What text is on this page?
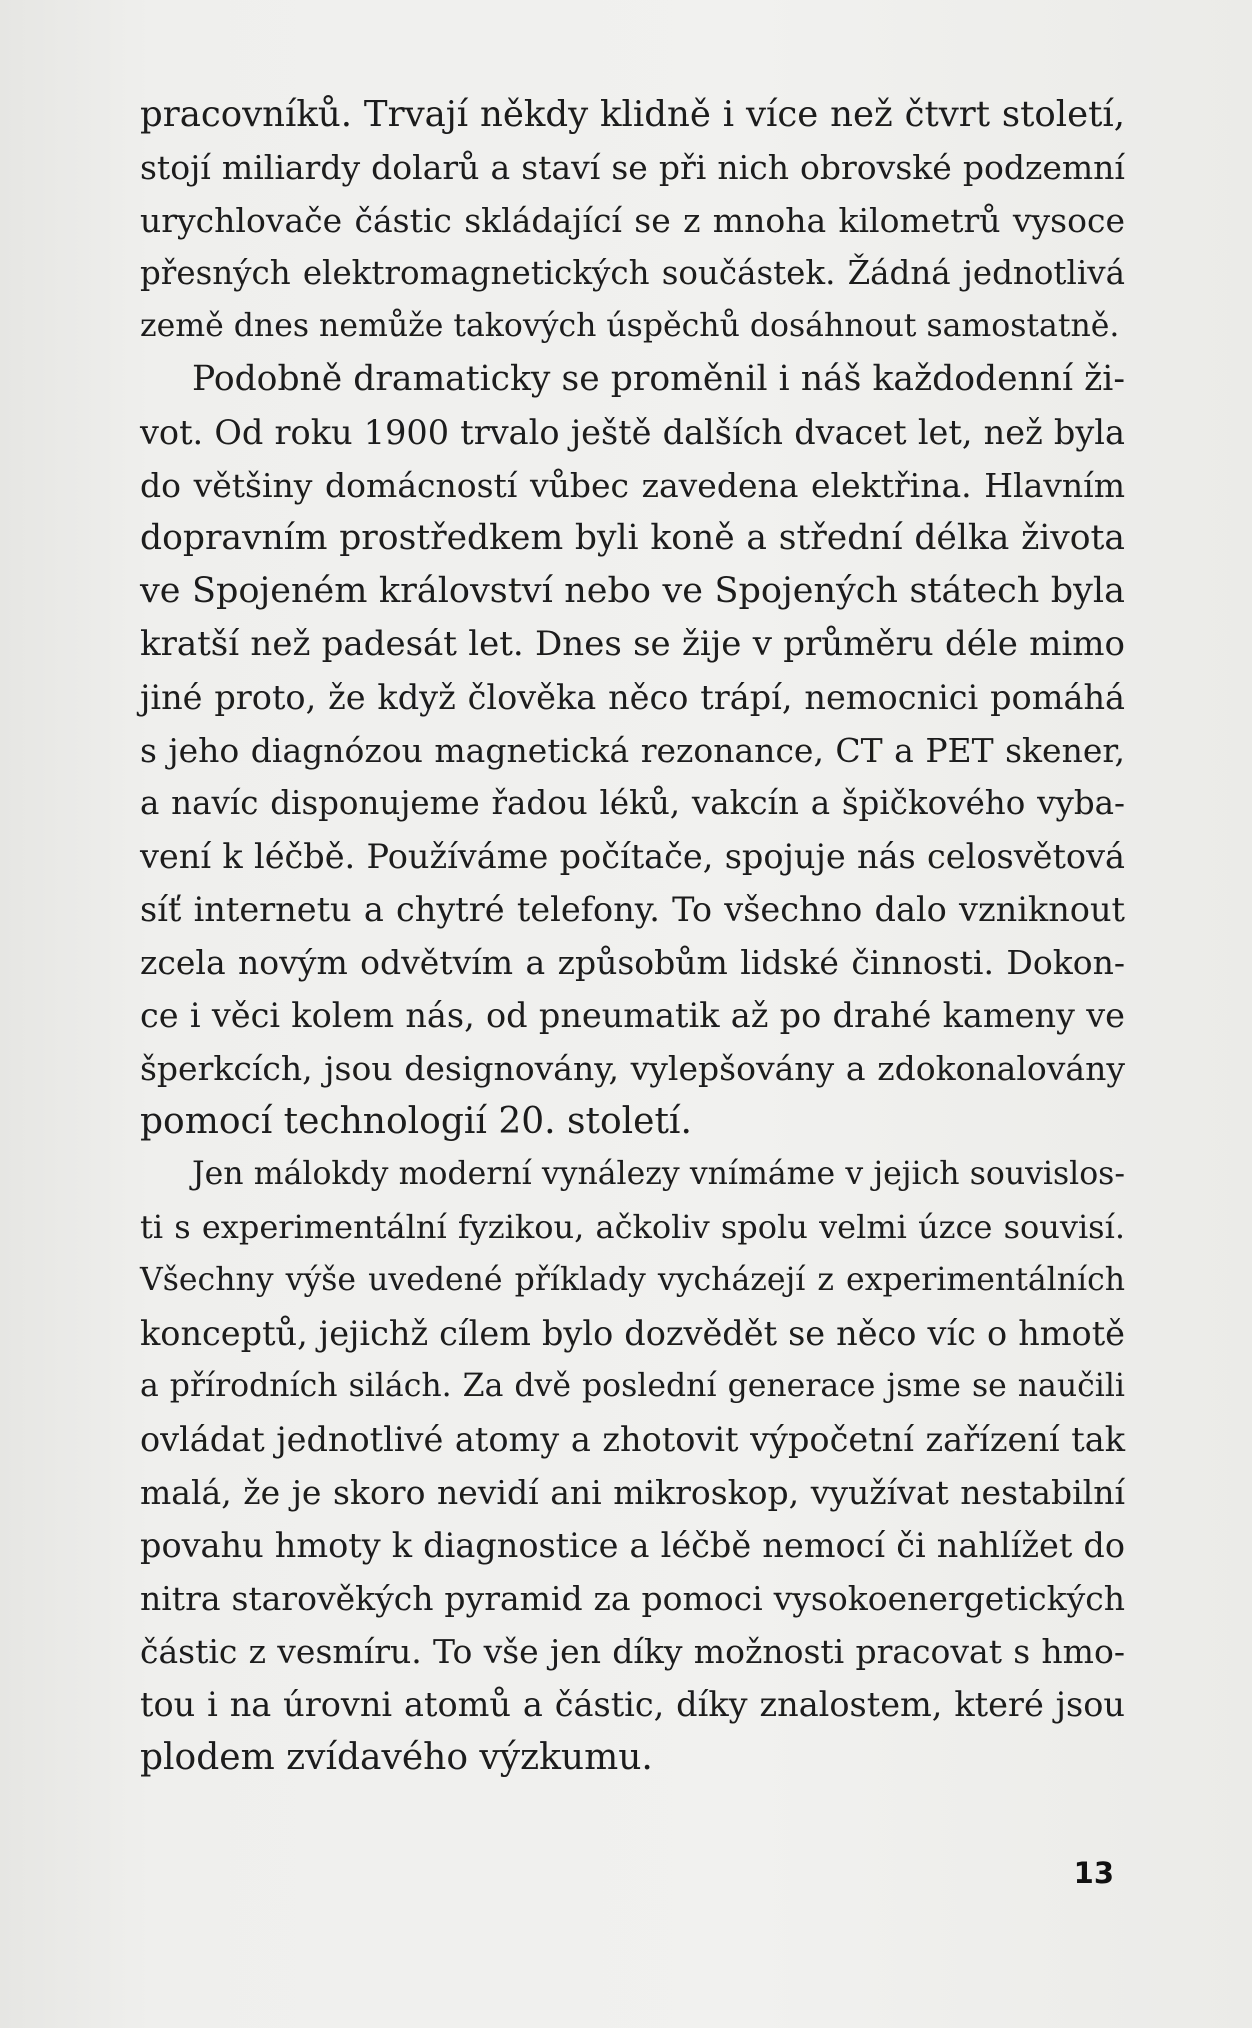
pracovníků. Trvají někdy klidně i více než čtvrt století,
stojí miliardy dolarů a staví se při nich obrovské podzemní
urychlovače částic skládající se z mnoha kilometrů vysoce
přesných elektromagnetických součástek. Žádná jednotlivá
země dnes nemůže takových úspěchů dosáhnout samostatně.
Podobně dramaticky se proměnil i náš každodenní ži-
vot. Od roku 1900 trvalo ještě dalších dvacet let, než byla
do většiny domácností vůbec zavedena elektřina. Hlavním
dopravním prostředkem byli koně a střední délka života
ve Spojeném království nebo ve Spojených státech byla
kratší než padesát let. Dnes se žije v průměru déle mimo
jiné proto, že když člověka něco trápí, nemocnici pomáhá
s jeho diagnózou magnetická rezonance, CT a PET skener,
a navíc disponujeme řadou léků, vakcín a špičkového vyba-
vení k léčbě. Používáme počítače, spojuje nás celosvětová
síť internetu a chytré telefony. To všechno dalo vzniknout
zcela novým odvětvím a způsobům lidské činnosti. Dokon-
ce i věci kolem nás, od pneumatik až po drahé kameny ve
šperkcích, jsou designovány, vylepšovány a zdokonalovány
pomocí technologií 20. století.
Jen málokdy moderní vynálezy vnímáme v jejich souvislos-
ti s experimentální fyzikou, ačkoliv spolu velmi úzce souvisí.
Všechny výše uvedené příklady vycházejí z experimentálních
konceptů, jejichž cílem bylo dozvědět se něco víc o hmotě
a přírodních silách. Za dvě poslední generace jsme se naučili
ovládat jednotlivé atomy a zhotovit výpočetní zařízení tak
malá, že je skoro nevidí ani mikroskop, využívat nestabilní
povahu hmoty k diagnostice a léčbě nemocí či nahlížet do
nitra starověkých pyramid za pomoci vysokoenergetických
částic z vesmíru. To vše jen díky možnosti pracovat s hmo-
tou i na úrovni atomů a částic, díky znalostem, které jsou
plodem zvídavého výzkumu.
13
